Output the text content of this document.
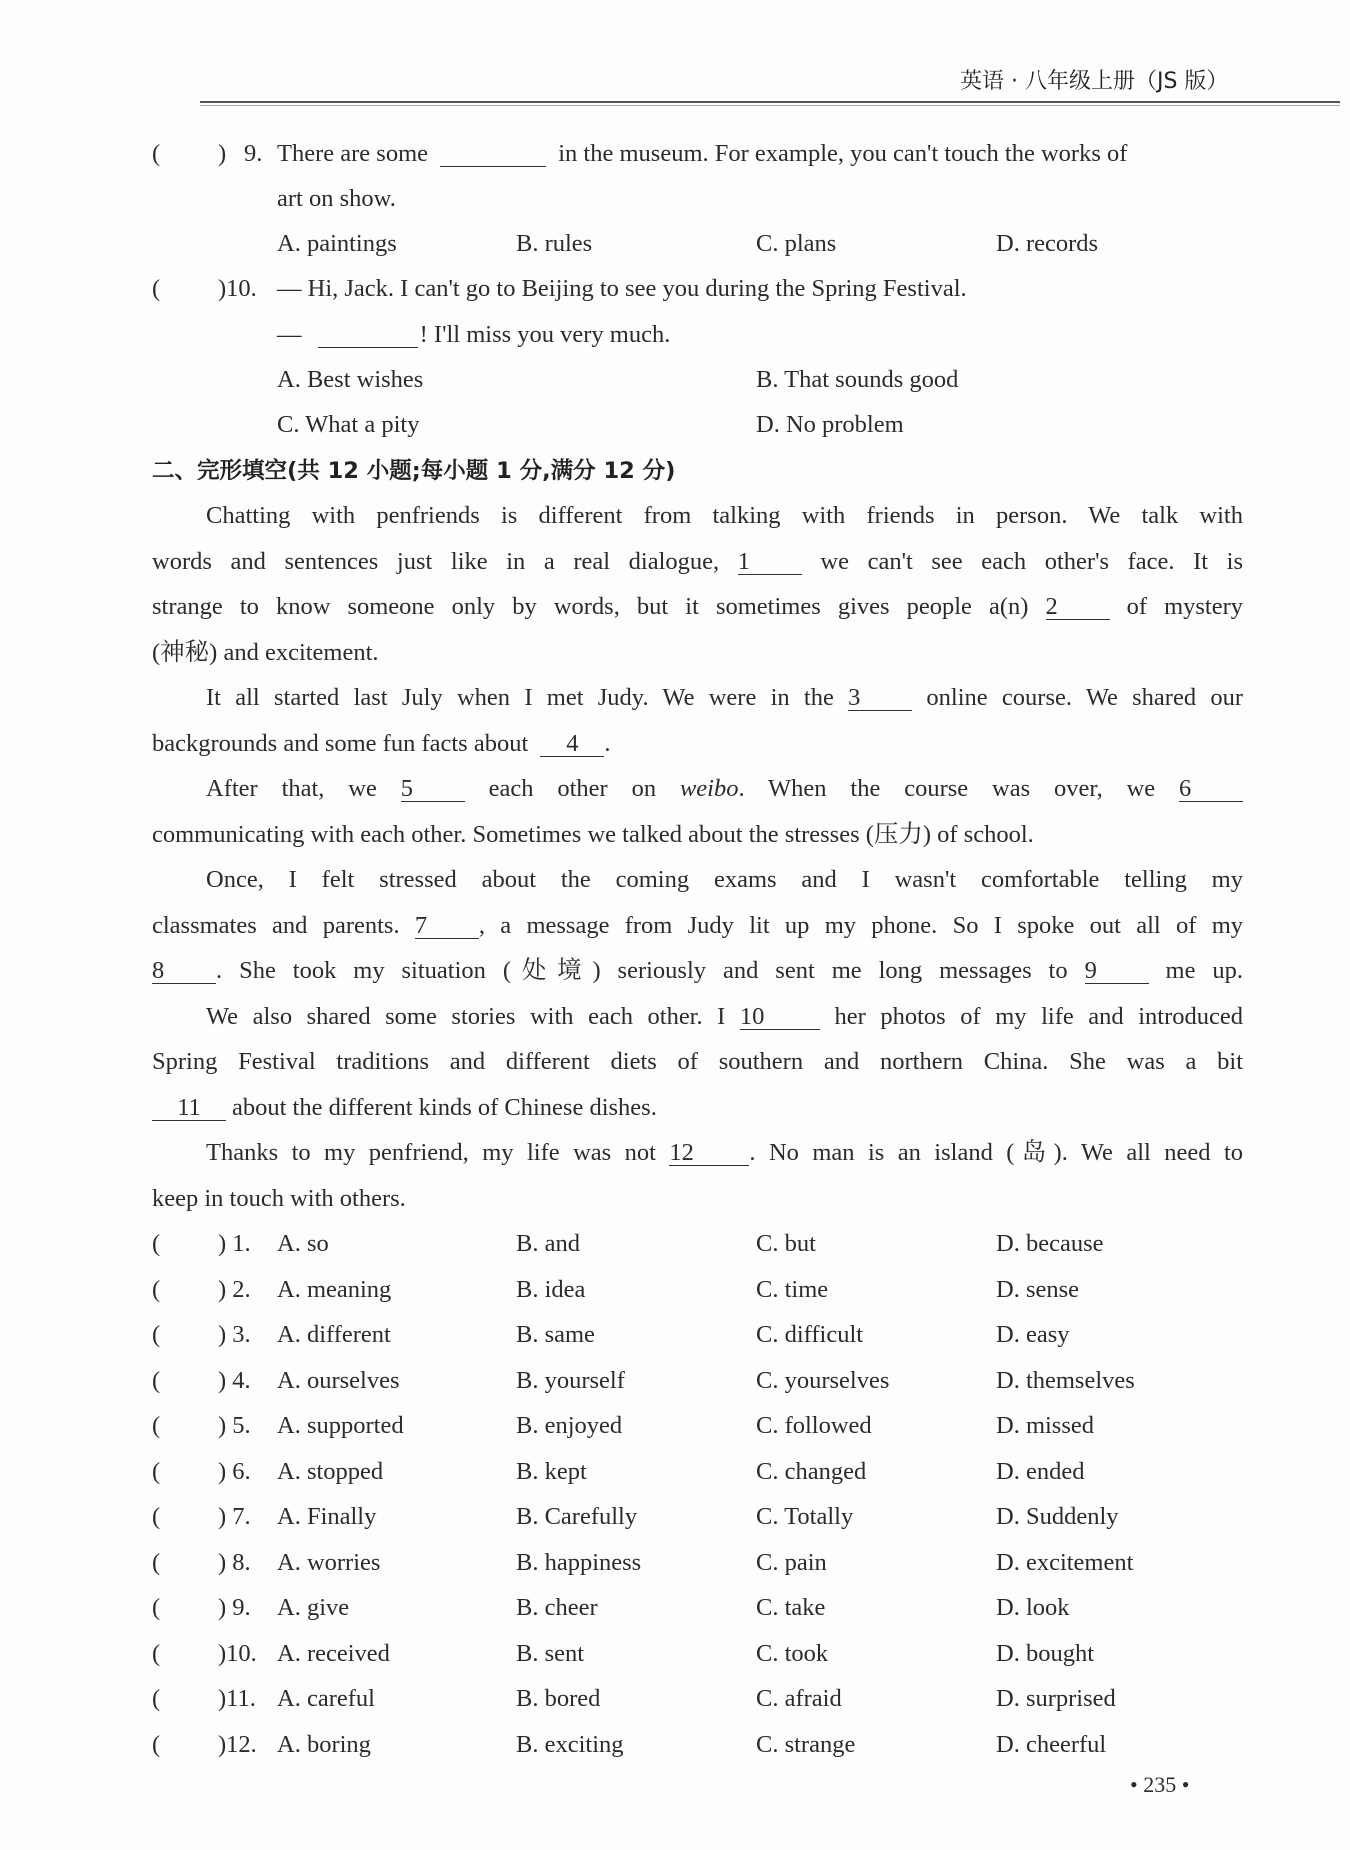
英语 · 八年级上册（JS 版）
( ) 9. There are some	in the museum. For example, you can't touch the works of
art on show.
A. paintings	B. rules	C. plans	D. records
( )10. — Hi, Jack. I can't go to Beijing to see you during the Spring Festival.
—	! I'll miss you very much.
A. Best wishes	B. That sounds good
C. What a pity	D. No problem
二、完形填空(共 12 小题;每小题 1 分,满分 12 分)
Chatting with penfriends is different from talking with friends in person. We talk with
words and sentences just like in a real dialogue, 1	we can't see each other's face. It is
strange to know someone only by words, but it sometimes gives people a(n) 2	of mystery
(神秘) and excitement.
It all started last July when I met Judy. We were in the 3	online course. We shared our
backgrounds and some fun facts about 4 .
After that, we 5	each other on weibo. When the course was over, we 6
communicating with each other. Sometimes we talked about the stresses (压力) of school.
Once, I felt stressed about the coming exams and I wasn't comfortable telling my
classmates and parents. 7 , a message from Judy lit up my phone. So I spoke out all of my
8 . She took my situation (处境) seriously and sent me long messages to 9	me up.
We also shared some stories with each other. I 10	her photos of my life and introduced
Spring Festival traditions and different diets of southern and northern China. She was a bit
11 about the different kinds of Chinese dishes.
Thanks to my penfriend, my life was not 12 . No man is an island (岛). We all need to
keep in touch with others.
( ) 1. A. so	B. and	C. but	D. because
( ) 2. A. meaning	B. idea	C. time	D. sense
( ) 3. A. different	B. same	C. difficult	D. easy
( ) 4. A. ourselves	B. yourself	C. yourselves	D. themselves
( ) 5. A. supported	B. enjoyed	C. followed	D. missed
( ) 6. A. stopped	B. kept	C. changed	D. ended
( ) 7. A. Finally	B. Carefully	C. Totally	D. Suddenly
( ) 8. A. worries	B. happiness	C. pain	D. excitement
( ) 9. A. give	B. cheer	C. take	D. look
( )10. A. received	B. sent	C. took	D. bought
( )11. A. careful	B. bored	C. afraid	D. surprised
( )12. A. boring	B. exciting	C. strange	D. cheerful
• 235 •
